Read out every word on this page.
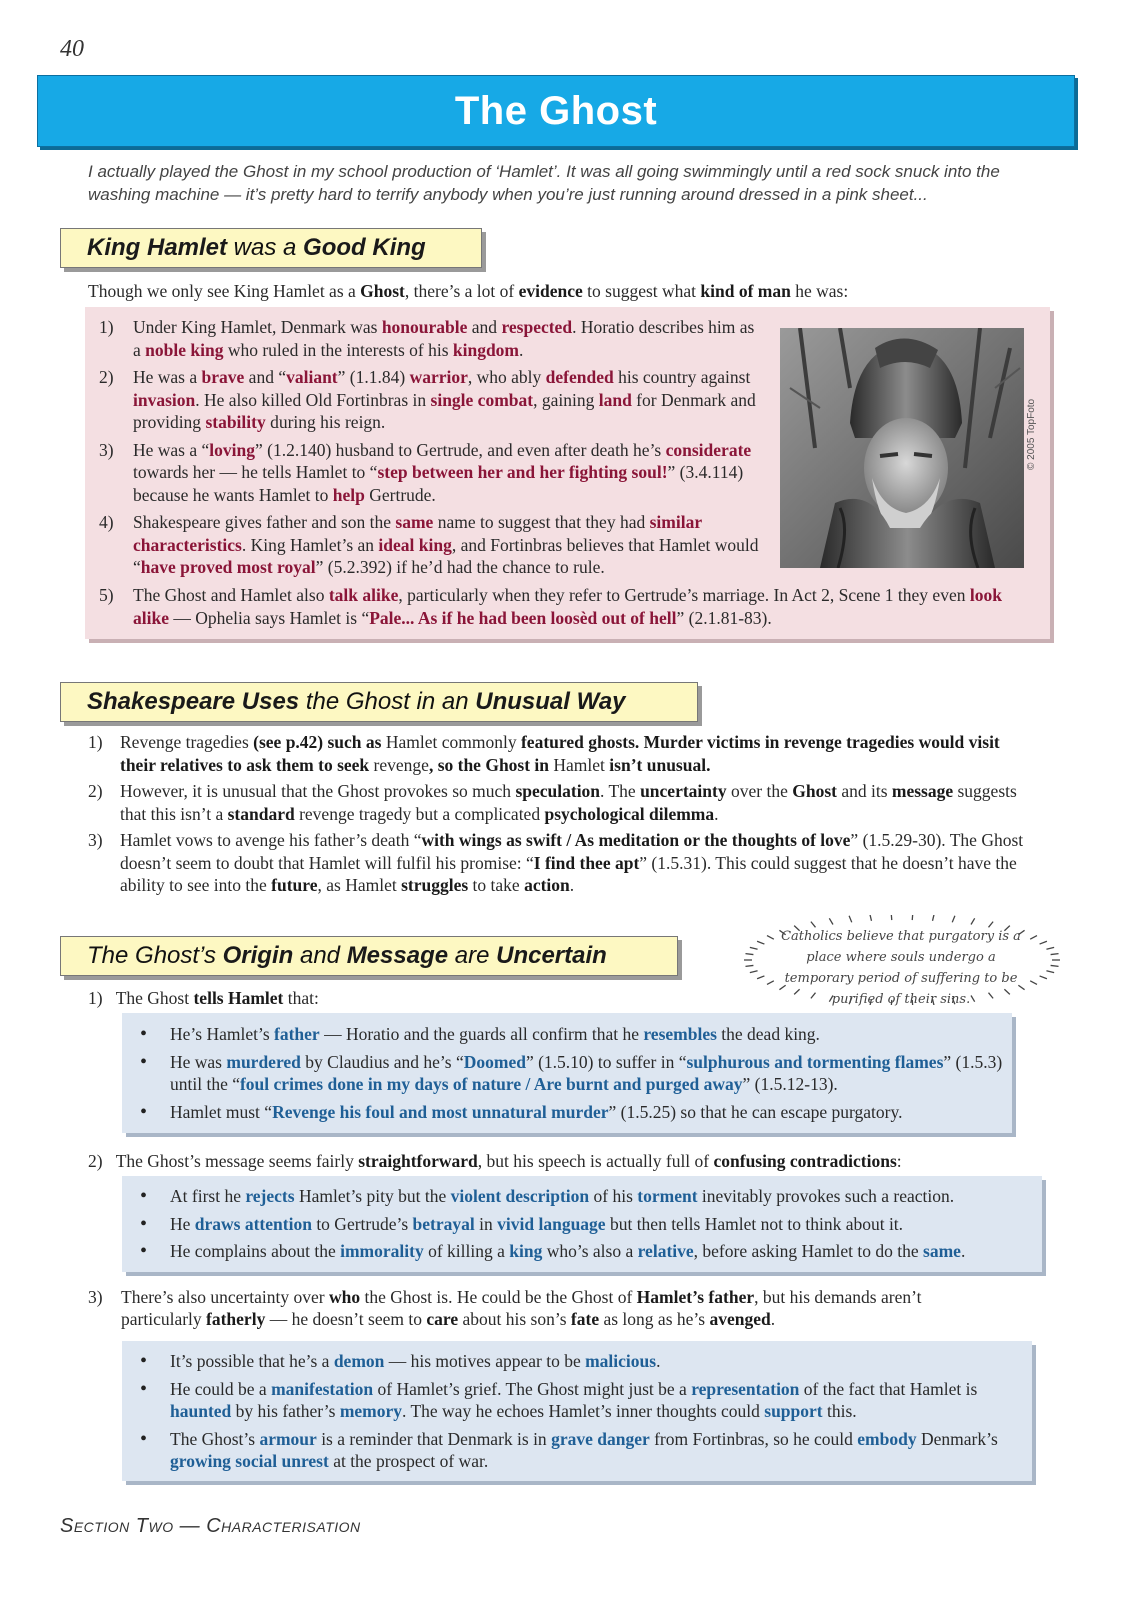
40
The Ghost
I actually played the Ghost in my school production of ‘Hamlet’. It was all going swimmingly until a red sock snuck into the washing machine — it’s pretty hard to terrify anybody when you’re just running around dressed in a pink sheet...
King Hamlet was a Good King
Though we only see King Hamlet as a Ghost, there’s a lot of evidence to suggest what kind of man he was:
1) Under King Hamlet, Denmark was honourable and respected. Horatio describes him as a noble king who ruled in the interests of his kingdom.
2) He was a brave and “valiant” (1.1.84) warrior, who ably defended his country against invasion. He also killed Old Fortinbras in single combat, gaining land for Denmark and providing stability during his reign.
3) He was a “loving” (1.2.140) husband to Gertrude, and even after death he’s considerate towards her — he tells Hamlet to “step between her and her fighting soul!” (3.4.114) because he wants Hamlet to help Gertrude.
4) Shakespeare gives father and son the same name to suggest that they had similar characteristics. King Hamlet’s an ideal king, and Fortinbras believes that Hamlet would “have proved most royal” (5.2.392) if he’d had the chance to rule.
5) The Ghost and Hamlet also talk alike, particularly when they refer to Gertrude’s marriage. In Act 2, Scene 1 they even look alike — Ophelia says Hamlet is “Pale... As if he had been loosèd out of hell” (2.1.81-83).
© 2005 TopFoto
Shakespeare Uses the Ghost in an Unusual Way
1) Revenge tragedies (see p.42) such as Hamlet commonly featured ghosts. Murder victims in revenge tragedies would visit their relatives to ask them to seek revenge, so the Ghost in Hamlet isn’t unusual.
2) However, it is unusual that the Ghost provokes so much speculation. The uncertainty over the Ghost and its message suggests that this isn’t a standard revenge tragedy but a complicated psychological dilemma.
3) Hamlet vows to avenge his father’s death “with wings as swift / As meditation or the thoughts of love” (1.5.29-30). The Ghost doesn’t seem to doubt that Hamlet will fulfil his promise: “I find thee apt” (1.5.31). This could suggest that he doesn’t have the ability to see into the future, as Hamlet struggles to take action.
The Ghost’s Origin and Message are Uncertain
Catholics believe that purgatory is a place where souls undergo a temporary period of suffering to be purified of their sins.
1) The Ghost tells Hamlet that:
• He’s Hamlet’s father — Horatio and the guards all confirm that he resembles the dead king.
• He was murdered by Claudius and he’s “Doomed” (1.5.10) to suffer in “sulphurous and tormenting flames” (1.5.3) until the “foul crimes done in my days of nature / Are burnt and purged away” (1.5.12-13).
• Hamlet must “Revenge his foul and most unnatural murder” (1.5.25) so that he can escape purgatory.
2) The Ghost’s message seems fairly straightforward, but his speech is actually full of confusing contradictions:
• At first he rejects Hamlet’s pity but the violent description of his torment inevitably provokes such a reaction.
• He draws attention to Gertrude’s betrayal in vivid language but then tells Hamlet not to think about it.
• He complains about the immorality of killing a king who’s also a relative, before asking Hamlet to do the same.
3) There’s also uncertainty over who the Ghost is. He could be the Ghost of Hamlet’s father, but his demands aren’t particularly fatherly — he doesn’t seem to care about his son’s fate as long as he’s avenged.
• It’s possible that he’s a demon — his motives appear to be malicious.
• He could be a manifestation of Hamlet’s grief. The Ghost might just be a representation of the fact that Hamlet is haunted by his father’s memory. The way he echoes Hamlet’s inner thoughts could support this.
• The Ghost’s armour is a reminder that Denmark is in grave danger from Fortinbras, so he could embody Denmark’s growing social unrest at the prospect of war.
Section Two — Characterisation
